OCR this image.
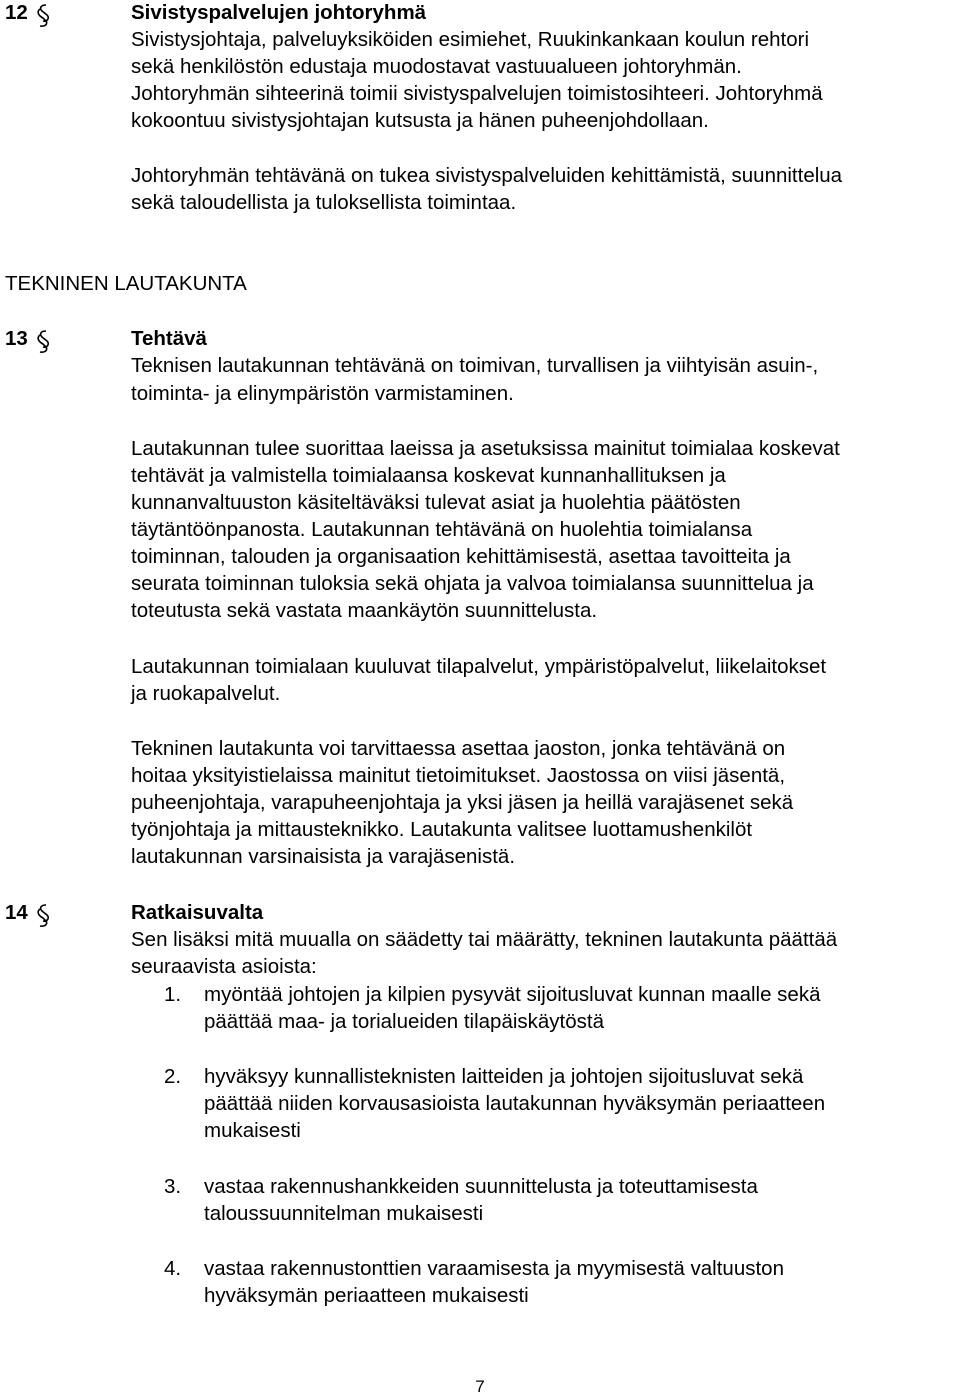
12	Sivistyspalvelujen johtoryhmä
Sivistysjohtaja, palveluyksiköiden esimiehet, Ruukinkankaan koulun rehtori
sekä henkilöstön edustaja muodostavat vastuualueen johtoryhmän.
Johtoryhmän sihteerinä toimii sivistyspalvelujen toimistosihteeri. Johtoryhmä
kokoontuu sivistysjohtajan kutsusta ja hänen puheenjohdollaan.
Johtoryhmän tehtävänä on tukea sivistyspalveluiden kehittämistä, suunnittelua
sekä taloudellista ja tuloksellista toimintaa.
TEKNINEN LAUTAKUNTA
13	Tehtävä
Teknisen lautakunnan tehtävänä on toimivan, turvallisen ja viihtyisän asuin-,
toiminta- ja elinympäristön varmistaminen.
Lautakunnan tulee suorittaa laeissa ja asetuksissa mainitut toimialaa koskevat
tehtävät ja valmistella toimialaansa koskevat kunnanhallituksen ja
kunnanvaltuuston käsiteltäväksi tulevat asiat ja huolehtia päätösten
täytäntöönpanosta. Lautakunnan tehtävänä on huolehtia toimialansa
toiminnan, talouden ja organisaation kehittämisestä, asettaa tavoitteita ja
seurata toiminnan tuloksia sekä ohjata ja valvoa toimialansa suunnittelua ja
toteutusta sekä vastata maankäytön suunnittelusta.
Lautakunnan toimialaan kuuluvat tilapalvelut, ympäristöpalvelut, liikelaitokset
ja ruokapalvelut.
Tekninen lautakunta voi tarvittaessa asettaa jaoston, jonka tehtävänä on
hoitaa yksityistielaissa mainitut tietoimitukset. Jaostossa on viisi jäsentä,
puheenjohtaja, varapuheenjohtaja ja yksi jäsen ja heillä varajäsenet sekä
työnjohtaja ja mittausteknikko. Lautakunta valitsee luottamushenkilöt
lautakunnan varsinaisista ja varajäsenistä.
14	Ratkaisuvalta
Sen lisäksi mitä muualla on säädetty tai määrätty, tekninen lautakunta päättää
seuraavista asioista:
1. myöntää johtojen ja kilpien pysyvät sijoitusluvat kunnan maalle sekä
päättää maa- ja torialueiden tilapäiskäytöstä
2. hyväksyy kunnallisteknisten laitteiden ja johtojen sijoitusluvat sekä
päättää niiden korvausasioista lautakunnan hyväksymän periaatteen
mukaisesti
3. vastaa rakennushankkeiden suunnittelusta ja toteuttamisesta
taloussuunnitelman mukaisesti
4. vastaa rakennustonttien varaamisesta ja myymisestä valtuuston
hyväksymän periaatteen mukaisesti
7
